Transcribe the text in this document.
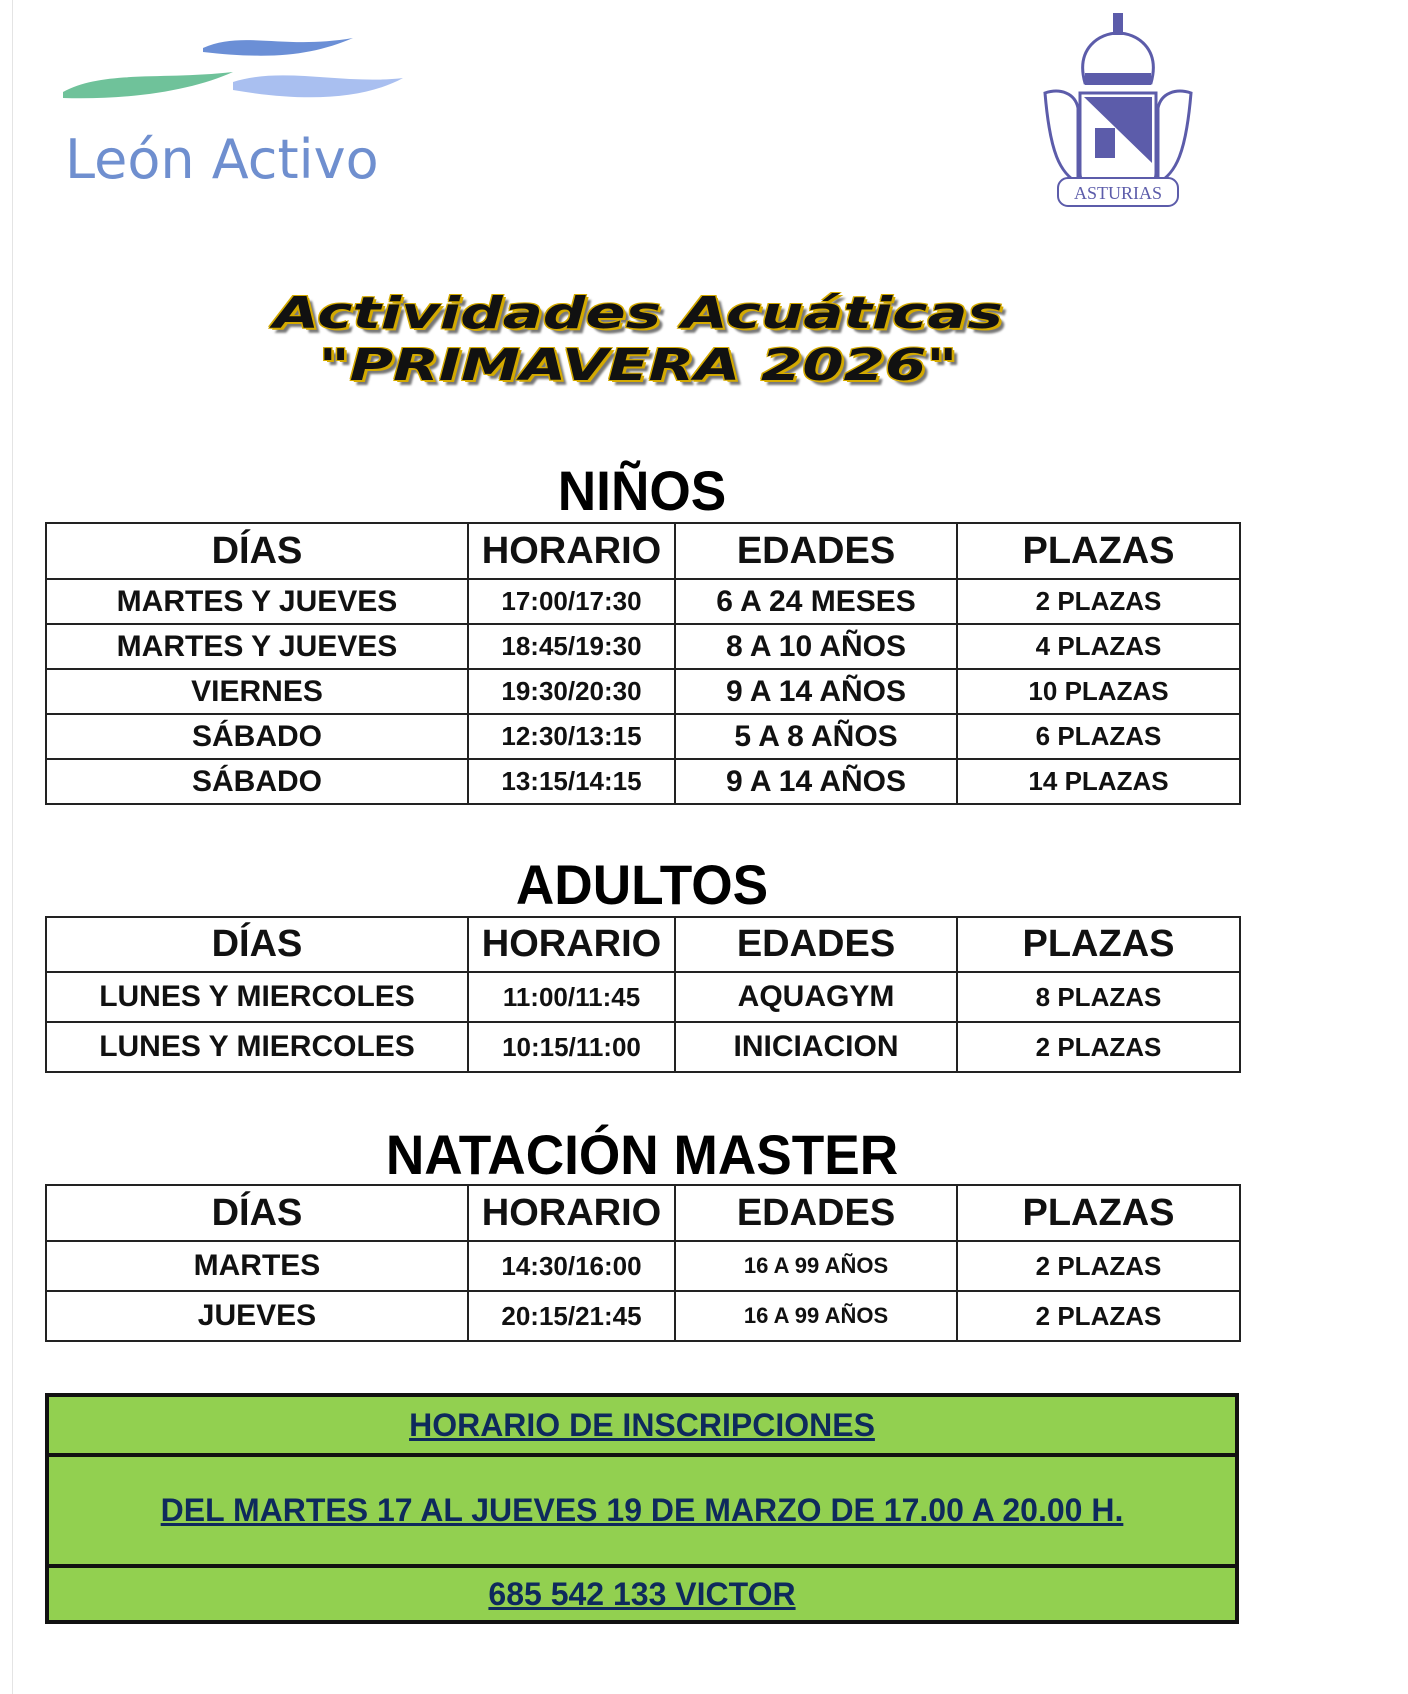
León Activo
ASTURIAS
Actividades Acuáticas
"PRIMAVERA 2026"
NIÑOS
DÍAS	HORARIO	EDADES	PLAZAS
MARTES Y JUEVES	17:00/17:30	6 A 24 MESES	2 PLAZAS
MARTES Y JUEVES	18:45/19:30	8 A 10 AÑOS	4 PLAZAS
VIERNES	19:30/20:30	9 A 14 AÑOS	10 PLAZAS
SÁBADO	12:30/13:15	5 A 8 AÑOS	6 PLAZAS
SÁBADO	13:15/14:15	9 A 14 AÑOS	14 PLAZAS
ADULTOS
DÍAS	HORARIO	EDADES	PLAZAS
LUNES Y MIERCOLES	11:00/11:45	AQUAGYM	8 PLAZAS
LUNES Y MIERCOLES	10:15/11:00	INICIACION	2 PLAZAS
NATACIÓN MASTER
DÍAS	HORARIO	EDADES	PLAZAS
MARTES	14:30/16:00	16 A 99 AÑOS	2 PLAZAS
JUEVES	20:15/21:45	16 A 99 AÑOS	2 PLAZAS
HORARIO DE INSCRIPCIONES
DEL MARTES 17 AL JUEVES 19 DE MARZO DE 17.00 A 20.00 H.
685 542 133 VICTOR
